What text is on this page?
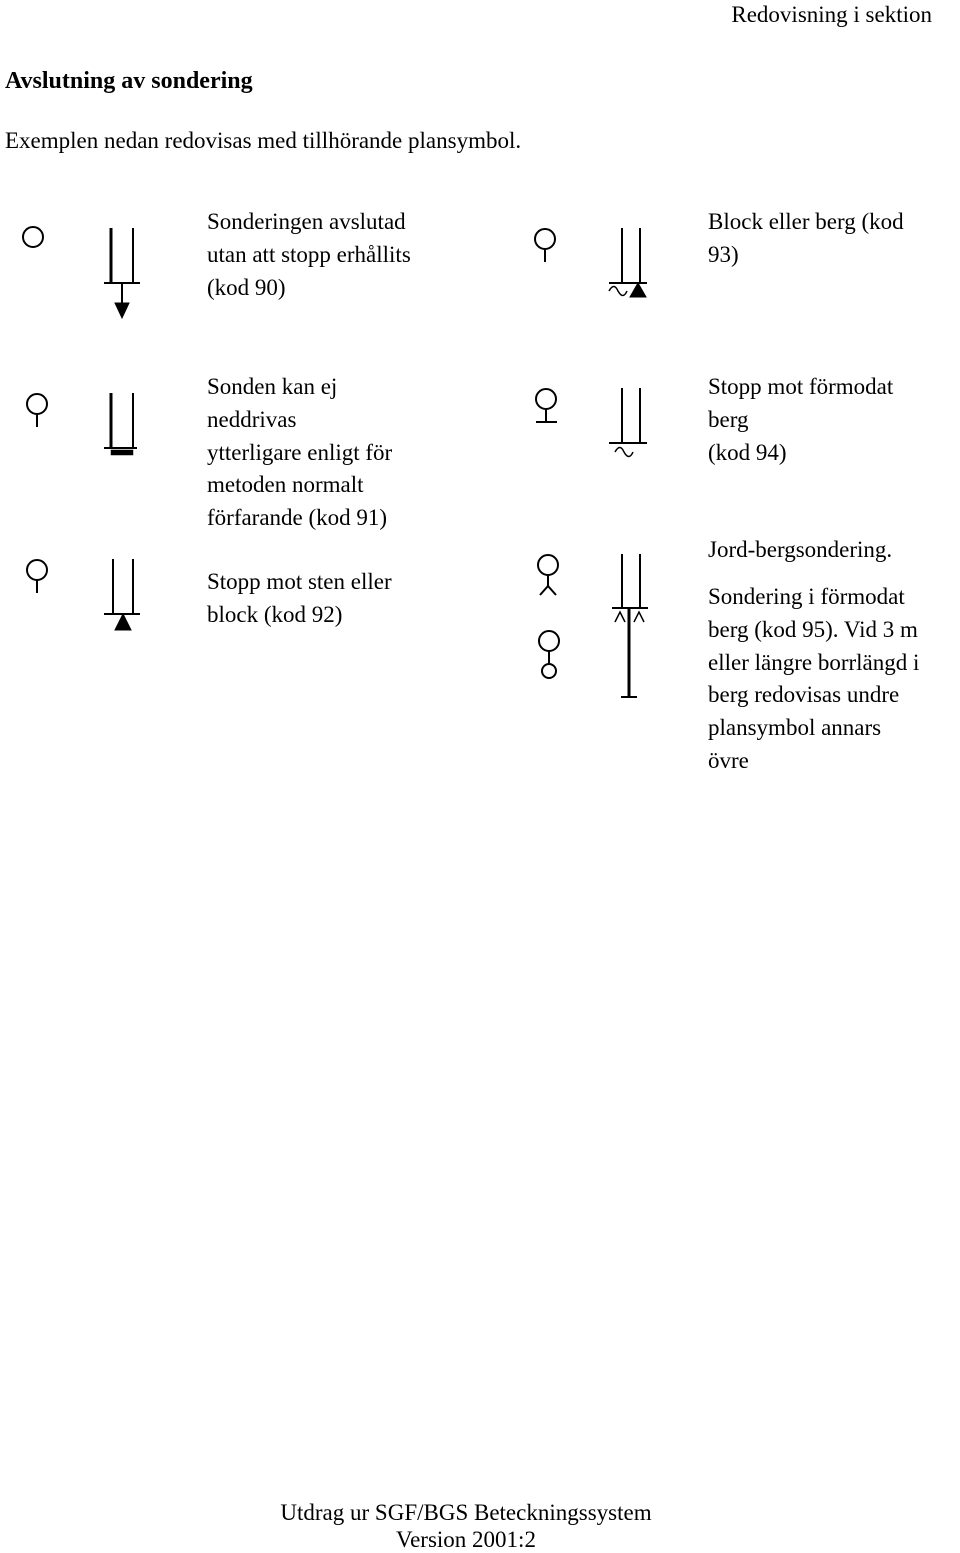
Redovisning i sektion
Avslutning av sondering
Exemplen nedan redovisas med tillhörande plansymbol.
Sonderingen avslutad
utan att stopp erhållits
(kod 90)
Block eller berg (kod
93)
Sonden kan ej
neddrivas
ytterligare enligt för
metoden normalt
förfarande (kod 91)
Stopp mot förmodat
berg
(kod 94)
Stopp mot sten eller
block (kod 92)
Jord-bergsondering.
Sondering i förmodat
berg (kod 95). Vid 3 m
eller längre borrlängd i
berg redovisas undre
plansymbol annars
övre
Utdrag ur SGF/BGS Beteckningssystem
Version 2001:2
